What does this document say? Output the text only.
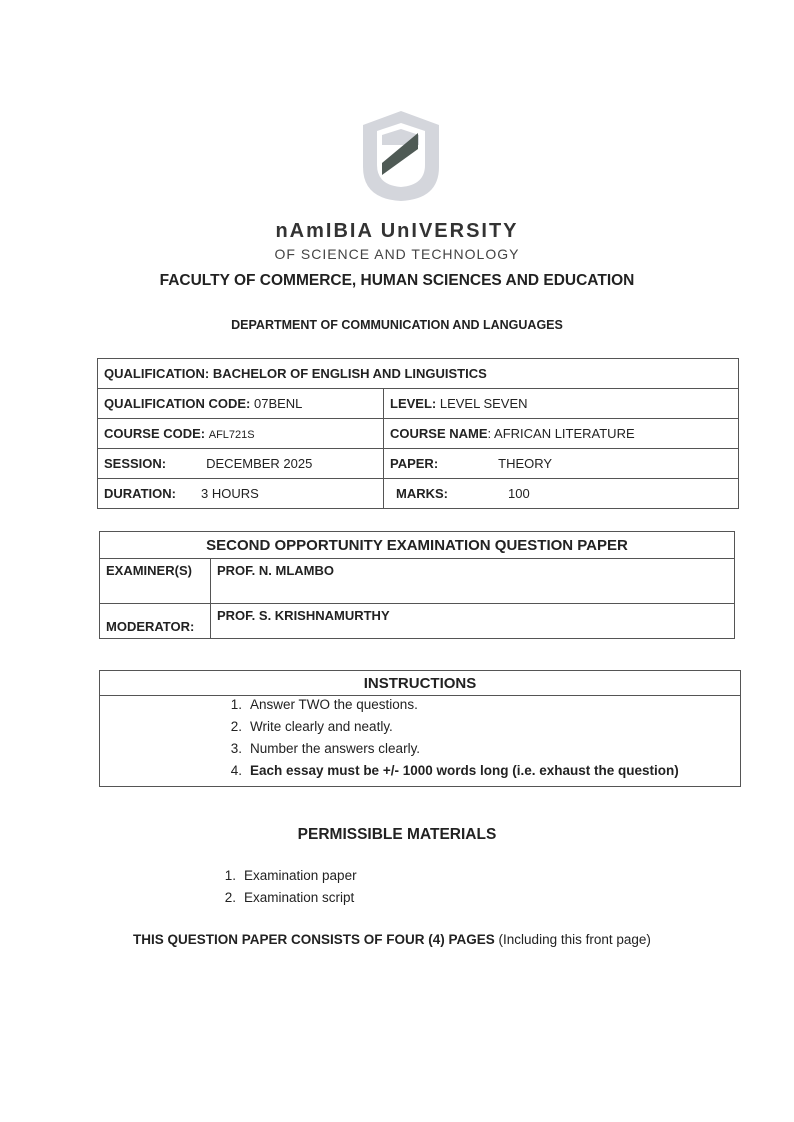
nAmIBIA UnIVERSITY
OF SCIENCE AND TECHNOLOGY
FACULTY OF COMMERCE, HUMAN SCIENCES AND EDUCATION
DEPARTMENT OF COMMUNICATION AND LANGUAGES
QUALIFICATION: BACHELOR OF ENGLISH AND LINGUISTICS	
QUALIFICATION CODE: 07BENL	LEVEL: LEVEL SEVEN
COURSE CODE: AFL721S	COURSE NAME: AFRICAN LITERATURE
SESSION: DECEMBER 2025	PAPER: THEORY
DURATION: 3 HOURS	MARKS: 100
SECOND OPPORTUNITY EXAMINATION QUESTION PAPER	
EXAMINER(S)	PROF. N. MLAMBO
MODERATOR:	PROF. S. KRISHNAMURTHY
INSTRUCTIONS
1. Answer TWO the questions.
2. Write clearly and neatly.
3. Number the answers clearly.
4. Each essay must be +/- 1000 words long (i.e. exhaust the question)
PERMISSIBLE MATERIALS
1. Examination paper
2. Examination script
THIS QUESTION PAPER CONSISTS OF FOUR (4) PAGES (Including this front page)
